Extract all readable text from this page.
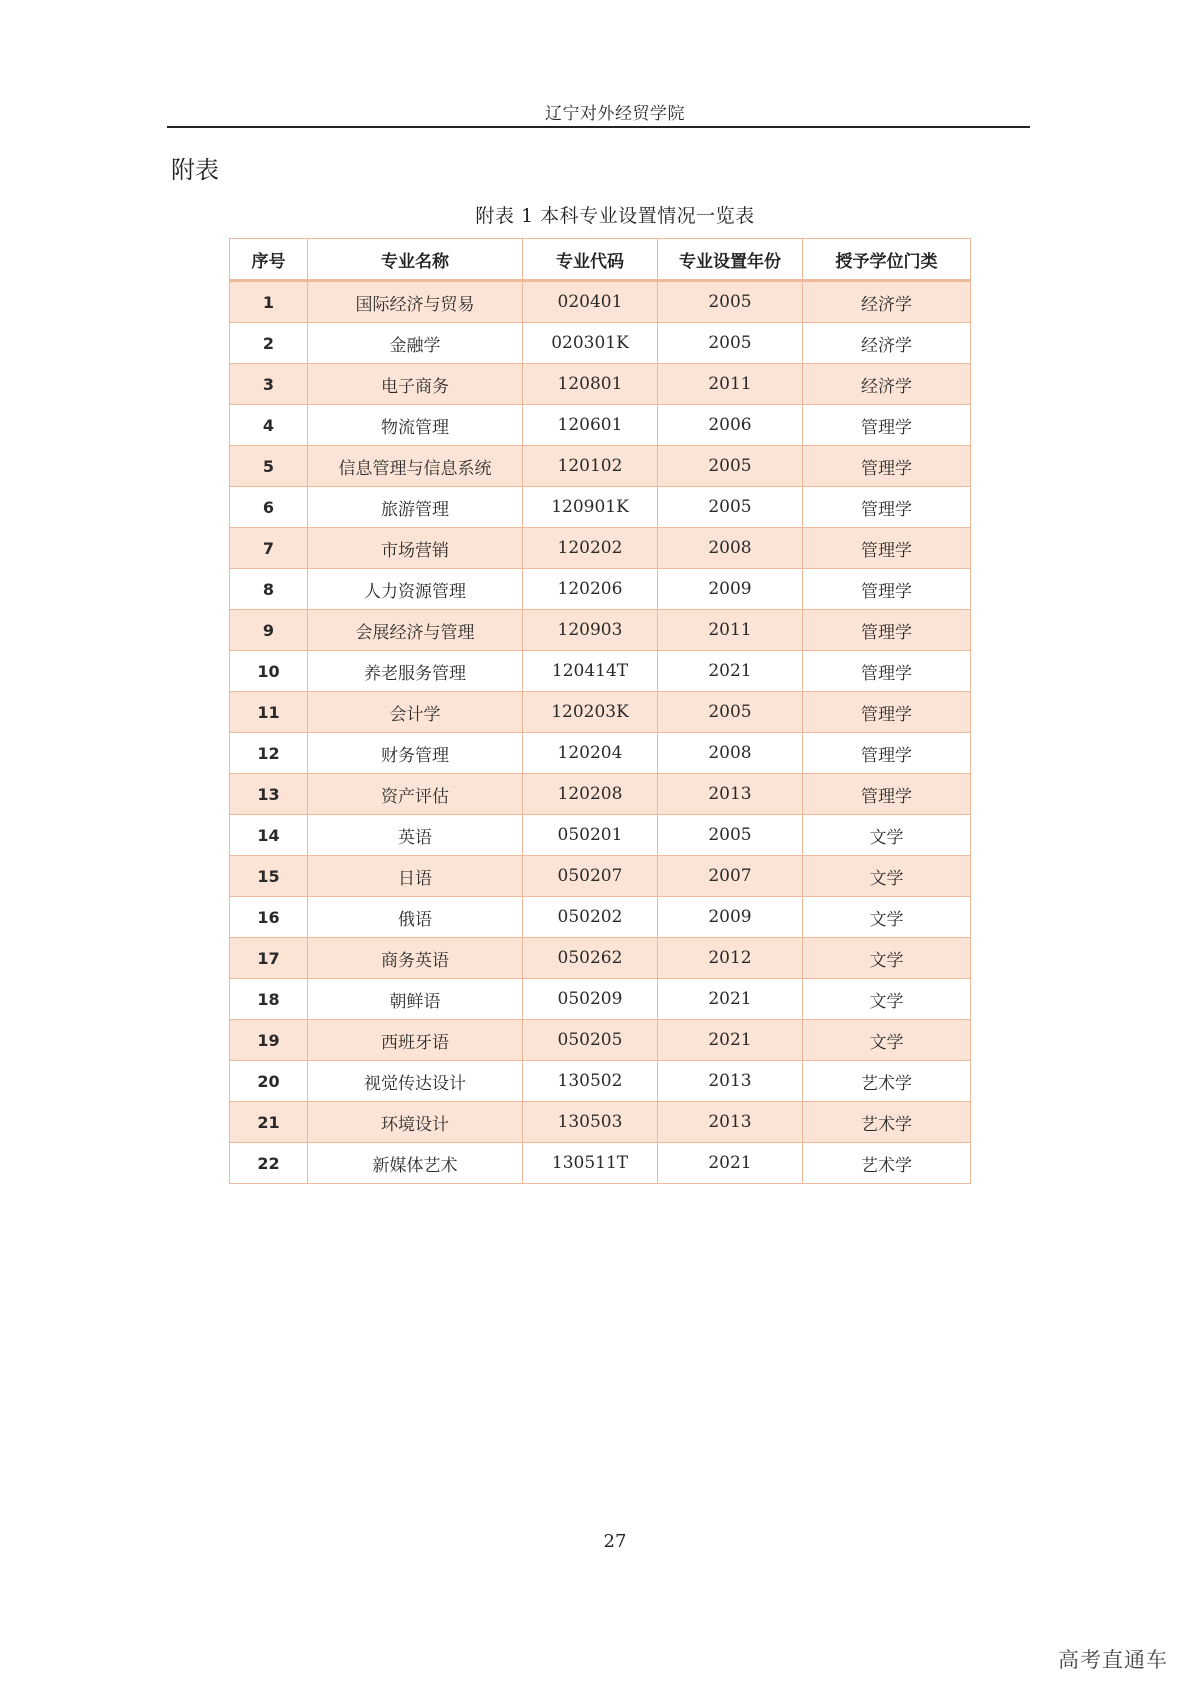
辽宁对外经贸学院
附表
附表 1 本科专业设置情况一览表
序号	专业名称	专业代码	专业设置年份	授予学位门类
1	国际经济与贸易	020401	2005	经济学
2	金融学	020301K	2005	经济学
3	电子商务	120801	2011	经济学
4	物流管理	120601	2006	管理学
5	信息管理与信息系统	120102	2005	管理学
6	旅游管理	120901K	2005	管理学
7	市场营销	120202	2008	管理学
8	人力资源管理	120206	2009	管理学
9	会展经济与管理	120903	2011	管理学
10	养老服务管理	120414T	2021	管理学
11	会计学	120203K	2005	管理学
12	财务管理	120204	2008	管理学
13	资产评估	120208	2013	管理学
14	英语	050201	2005	文学
15	日语	050207	2007	文学
16	俄语	050202	2009	文学
17	商务英语	050262	2012	文学
18	朝鲜语	050209	2021	文学
19	西班牙语	050205	2021	文学
20	视觉传达设计	130502	2013	艺术学
21	环境设计	130503	2013	艺术学
22	新媒体艺术	130511T	2021	艺术学
27
高考直通车
